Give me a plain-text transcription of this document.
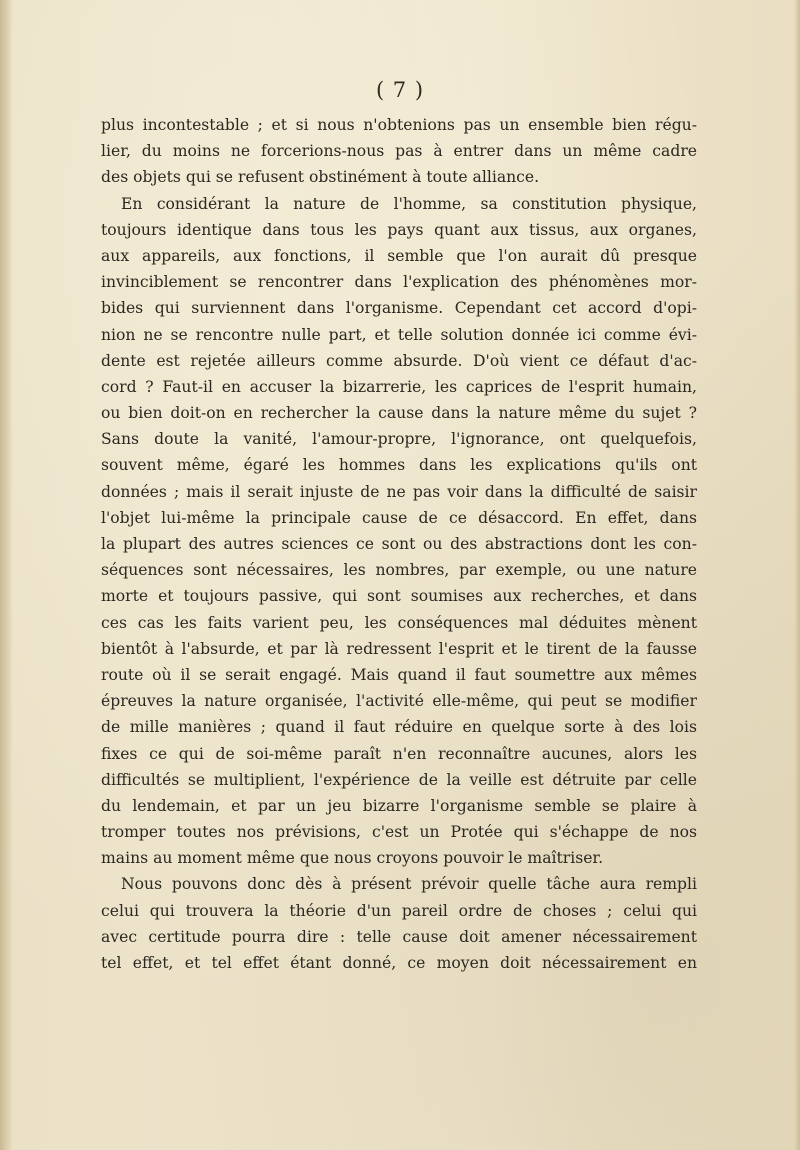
( 7 )
plus incontestable ; et si nous n'obtenions pas un ensemble bien régu-
lier, du moins ne forcerions-nous pas à entrer dans un même cadre
des objets qui se refusent obstinément à toute alliance.
En considérant la nature de l'homme, sa constitution physique,
toujours identique dans tous les pays quant aux tissus, aux organes,
aux appareils, aux fonctions, il semble que l'on aurait dû presque
invinciblement se rencontrer dans l'explication des phénomènes mor-
bides qui surviennent dans l'organisme. Cependant cet accord d'opi-
nion ne se rencontre nulle part, et telle solution donnée ici comme évi-
dente est rejetée ailleurs comme absurde. D'où vient ce défaut d'ac-
cord ? Faut-il en accuser la bizarrerie, les caprices de l'esprit humain,
ou bien doit-on en rechercher la cause dans la nature même du sujet ?
Sans doute la vanité, l'amour-propre, l'ignorance, ont quelquefois,
souvent même, égaré les hommes dans les explications qu'ils ont
données ; mais il serait injuste de ne pas voir dans la difficulté de saisir
l'objet lui-même la principale cause de ce désaccord. En effet, dans
la plupart des autres sciences ce sont ou des abstractions dont les con-
séquences sont nécessaires, les nombres, par exemple, ou une nature
morte et toujours passive, qui sont soumises aux recherches, et dans
ces cas les faits varient peu, les conséquences mal déduites mènent
bientôt à l'absurde, et par là redressent l'esprit et le tirent de la fausse
route où il se serait engagé. Mais quand il faut soumettre aux mêmes
épreuves la nature organisée, l'activité elle-même, qui peut se modifier
de mille manières ; quand il faut réduire en quelque sorte à des lois
fixes ce qui de soi-même paraît n'en reconnaître aucunes, alors les
difficultés se multiplient, l'expérience de la veille est détruite par celle
du lendemain, et par un jeu bizarre l'organisme semble se plaire à
tromper toutes nos prévisions, c'est un Protée qui s'échappe de nos
mains au moment même que nous croyons pouvoir le maîtriser.
Nous pouvons donc dès à présent prévoir quelle tâche aura rempli
celui qui trouvera la théorie d'un pareil ordre de choses ; celui qui
avec certitude pourra dire : telle cause doit amener nécessairement
tel effet, et tel effet étant donné, ce moyen doit nécessairement en
